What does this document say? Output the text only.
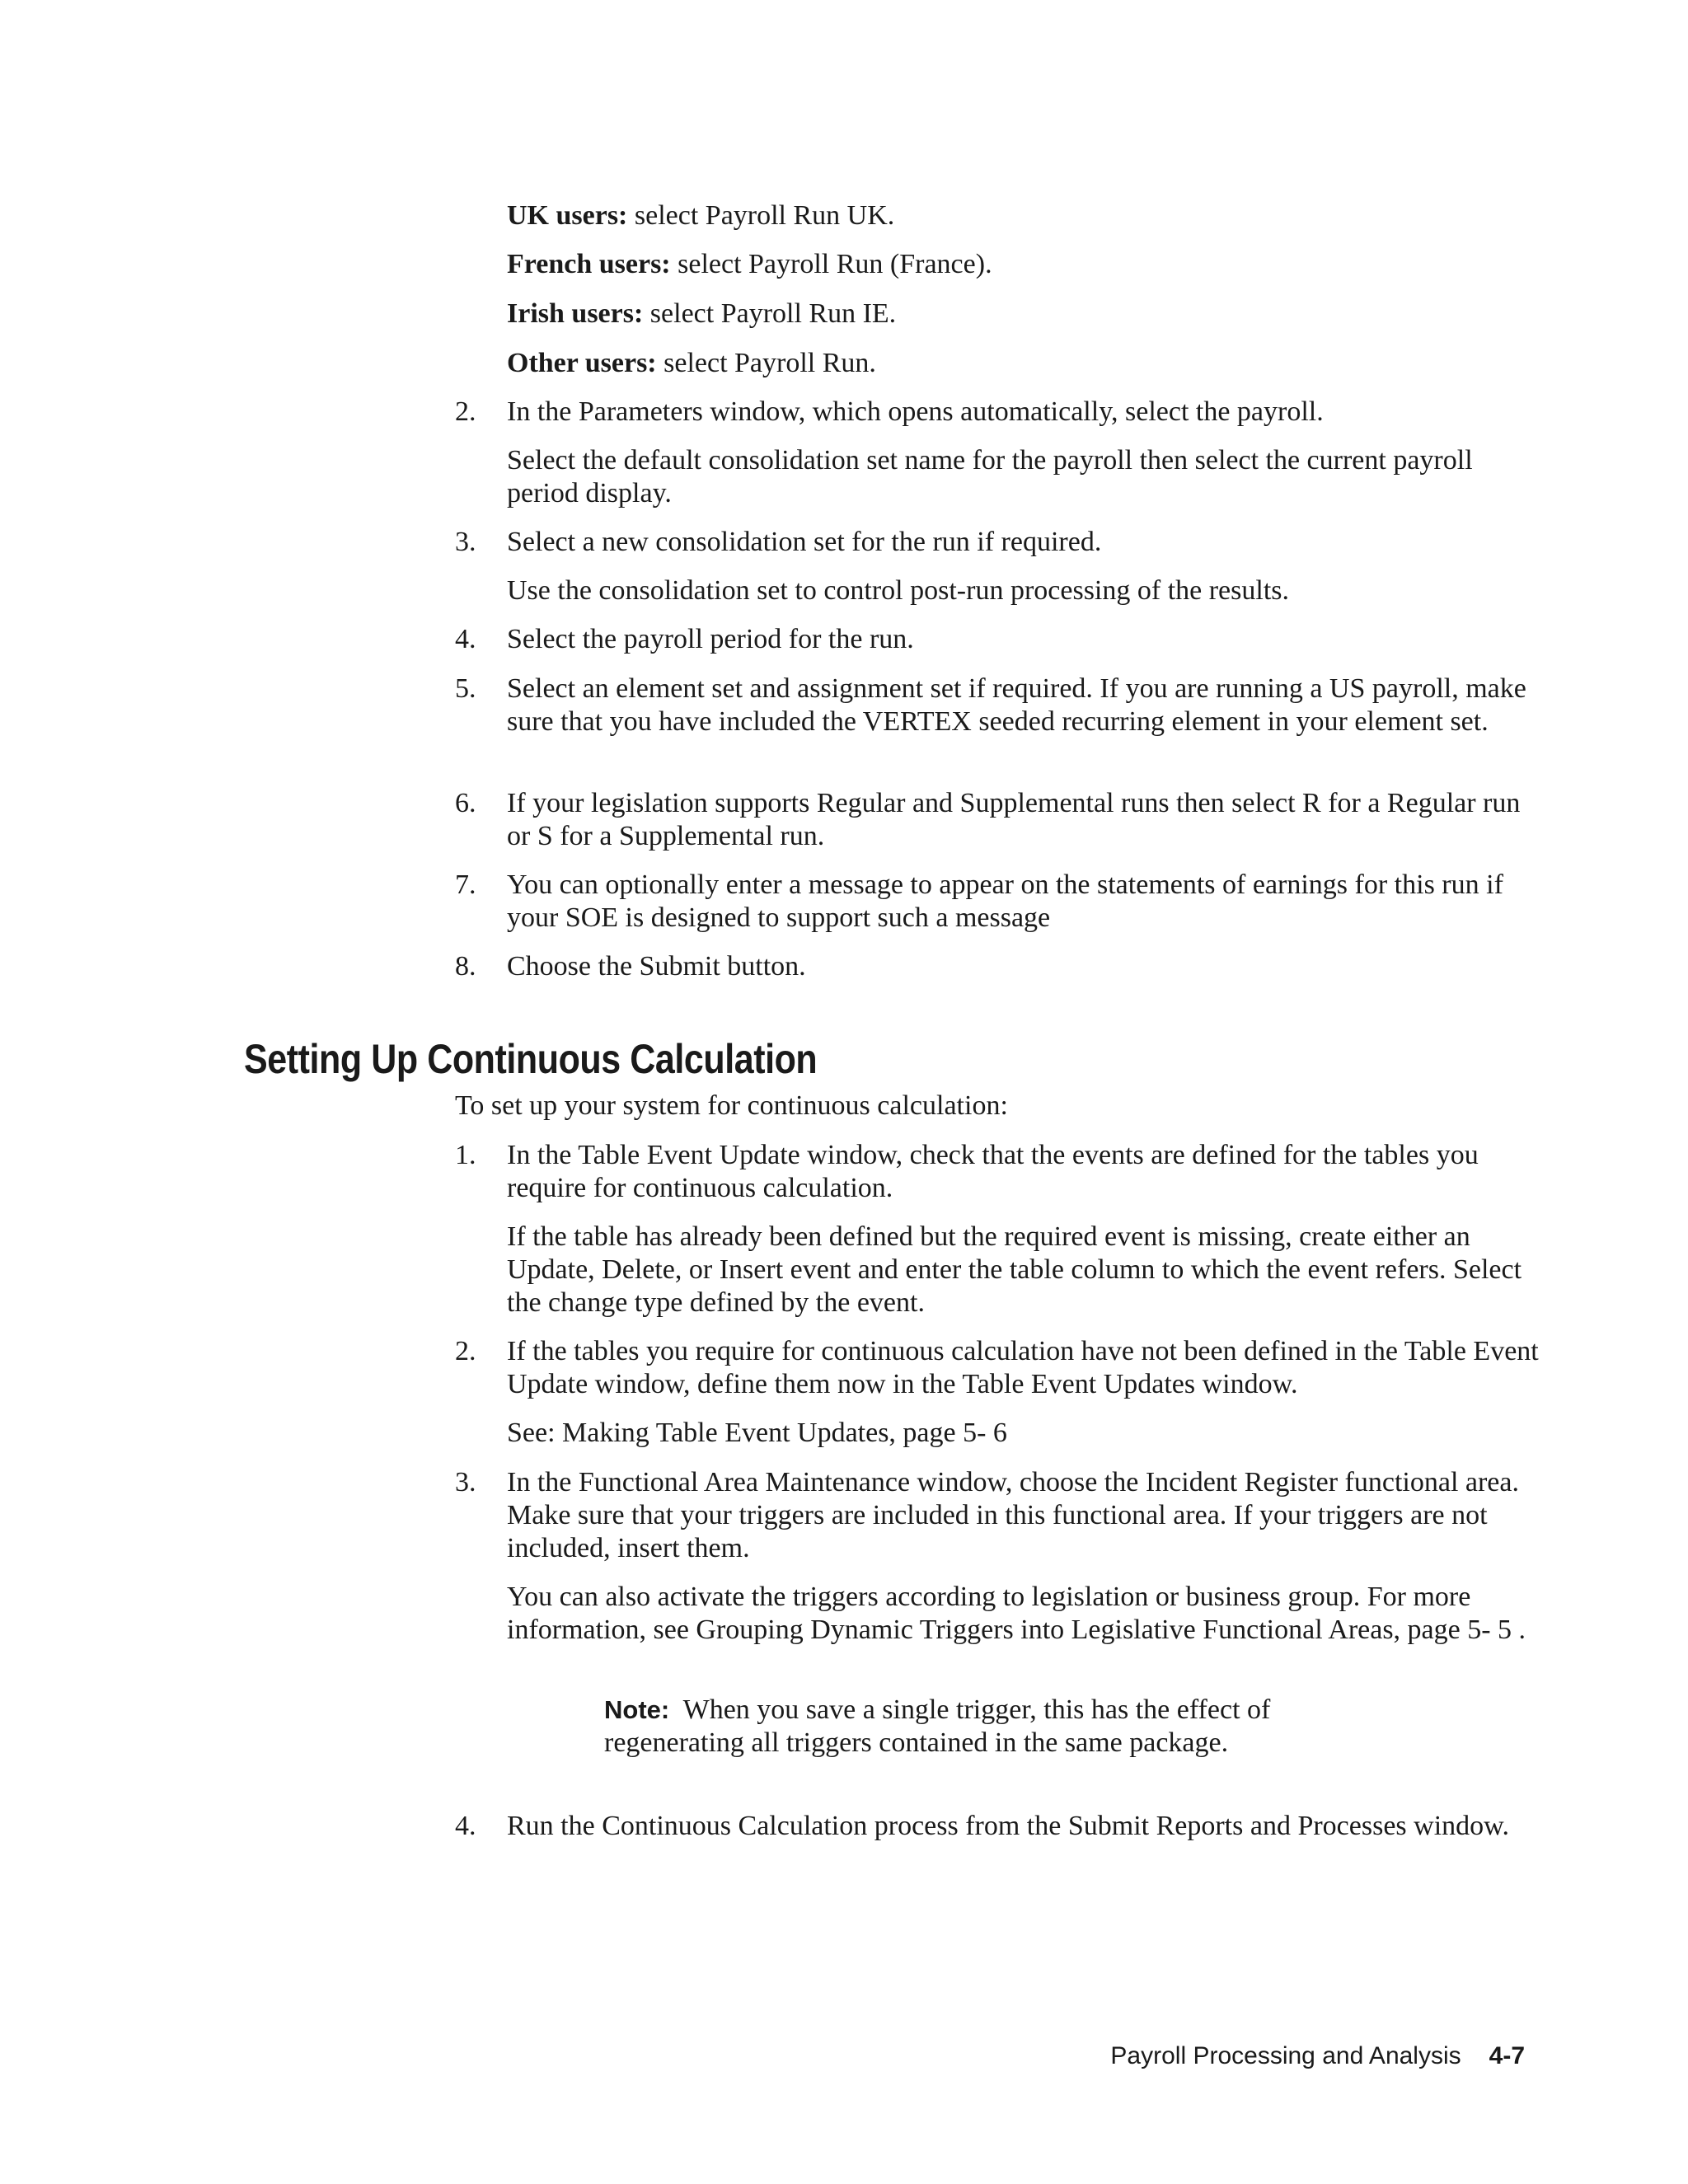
UK users: select Payroll Run UK.
French users: select Payroll Run (France).
Irish users: select Payroll Run IE.
Other users: select Payroll Run.
2.	In the Parameters window, which opens automatically, select the payroll.
Select the default consolidation set name for the payroll then select the current payroll period display.
3.	Select a new consolidation set for the run if required.
Use the consolidation set to control post-run processing of the results.
4.	Select the payroll period for the run.
5.	Select an element set and assignment set if required. If you are running a US payroll, make sure that you have included the VERTEX seeded recurring element in your element set.
6.	If your legislation supports Regular and Supplemental runs then select R for a Regular run or S for a Supplemental run.
7.	You can optionally enter a message to appear on the statements of earnings for this run if your SOE is designed to support such a message
8.	Choose the Submit button.
Setting Up Continuous Calculation
To set up your system for continuous calculation:
1.	In the Table Event Update window, check that the events are defined for the tables you require for continuous calculation.
If the table has already been defined but the required event is missing, create either an Update, Delete, or Insert event and enter the table column to which the event refers. Select the change type defined by the event.
2.	If the tables you require for continuous calculation have not been defined in the Table Event Update window, define them now in the Table Event Updates window.
See: Making Table Event Updates, page 5- 6
3.	In the Functional Area Maintenance window, choose the Incident Register functional area. Make sure that your triggers are included in this functional area. If your triggers are not included, insert them.
You can also activate the triggers according to legislation or business group. For more information, see Grouping Dynamic Triggers into Legislative Functional Areas, page 5- 5 .
Note: When you save a single trigger, this has the effect of regenerating all triggers contained in the same package.
4.	Run the Continuous Calculation process from the Submit Reports and Processes window.
Payroll Processing and Analysis 4-7
